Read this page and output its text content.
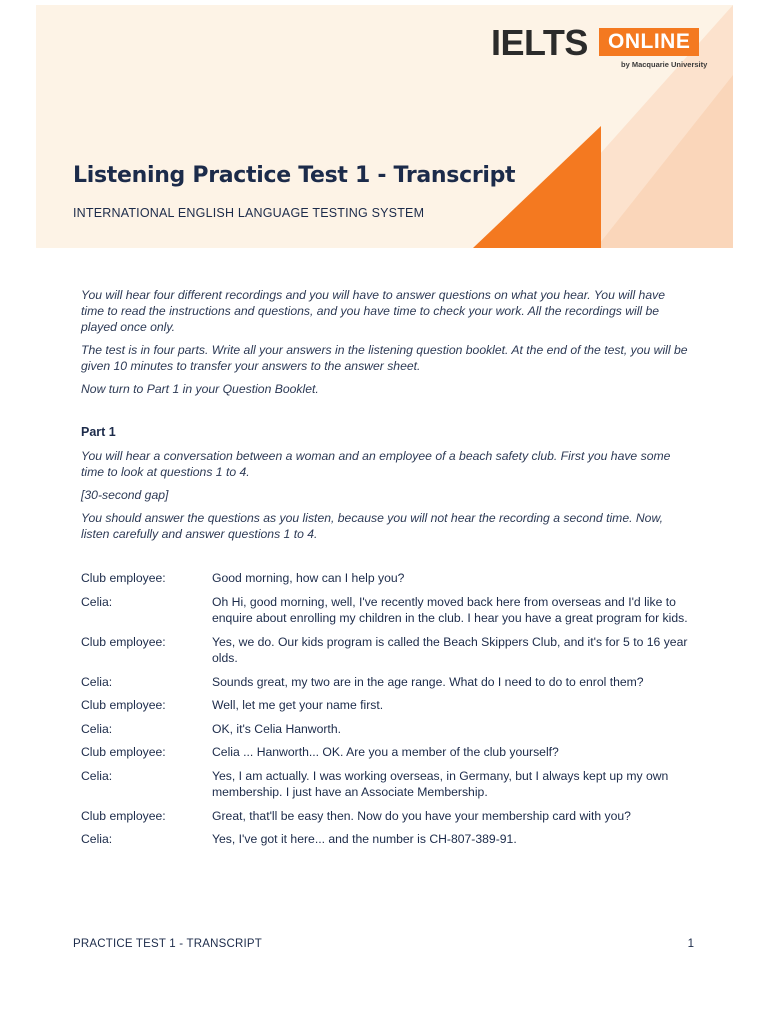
IELTS ONLINE
by Macquarie University
Listening Practice Test 1 - Transcript
INTERNATIONAL ENGLISH LANGUAGE TESTING SYSTEM

You will hear four different recordings and you will have to answer questions on what you hear. You will have time to read the instructions and questions, and you have time to check your work. All the recordings will be played once only.

The test is in four parts. Write all your answers in the listening question booklet. At the end of the test, you will be given 10 minutes to transfer your answers to the answer sheet.

Now turn to Part 1 in your Question Booklet.

Part 1

You will hear a conversation between a woman and an employee of a beach safety club. First you have some time to look at questions 1 to 4.

[30-second gap]

You should answer the questions as you listen, because you will not hear the recording a second time. Now, listen carefully and answer questions 1 to 4.

Club employee:	Good morning, how can I help you?
Celia:	Oh Hi, good morning, well, I've recently moved back here from overseas and I'd like to enquire about enrolling my children in the club. I hear you have a great program for kids.
Club employee:	Yes, we do. Our kids program is called the Beach Skippers Club, and it's for 5 to 16 year olds.
Celia:	Sounds great, my two are in the age range. What do I need to do to enrol them?
Club employee:	Well, let me get your name first.
Celia:	OK, it's Celia Hanworth.
Club employee:	Celia ... Hanworth... OK. Are you a member of the club yourself?
Celia:	Yes, I am actually. I was working overseas, in Germany, but I always kept up my own membership. I just have an Associate Membership.
Club employee:	Great, that'll be easy then. Now do you have your membership card with you?
Celia:	Yes, I've got it here... and the number is CH-807-389-91.
PRACTICE TEST 1 - TRANSCRIPT	1
